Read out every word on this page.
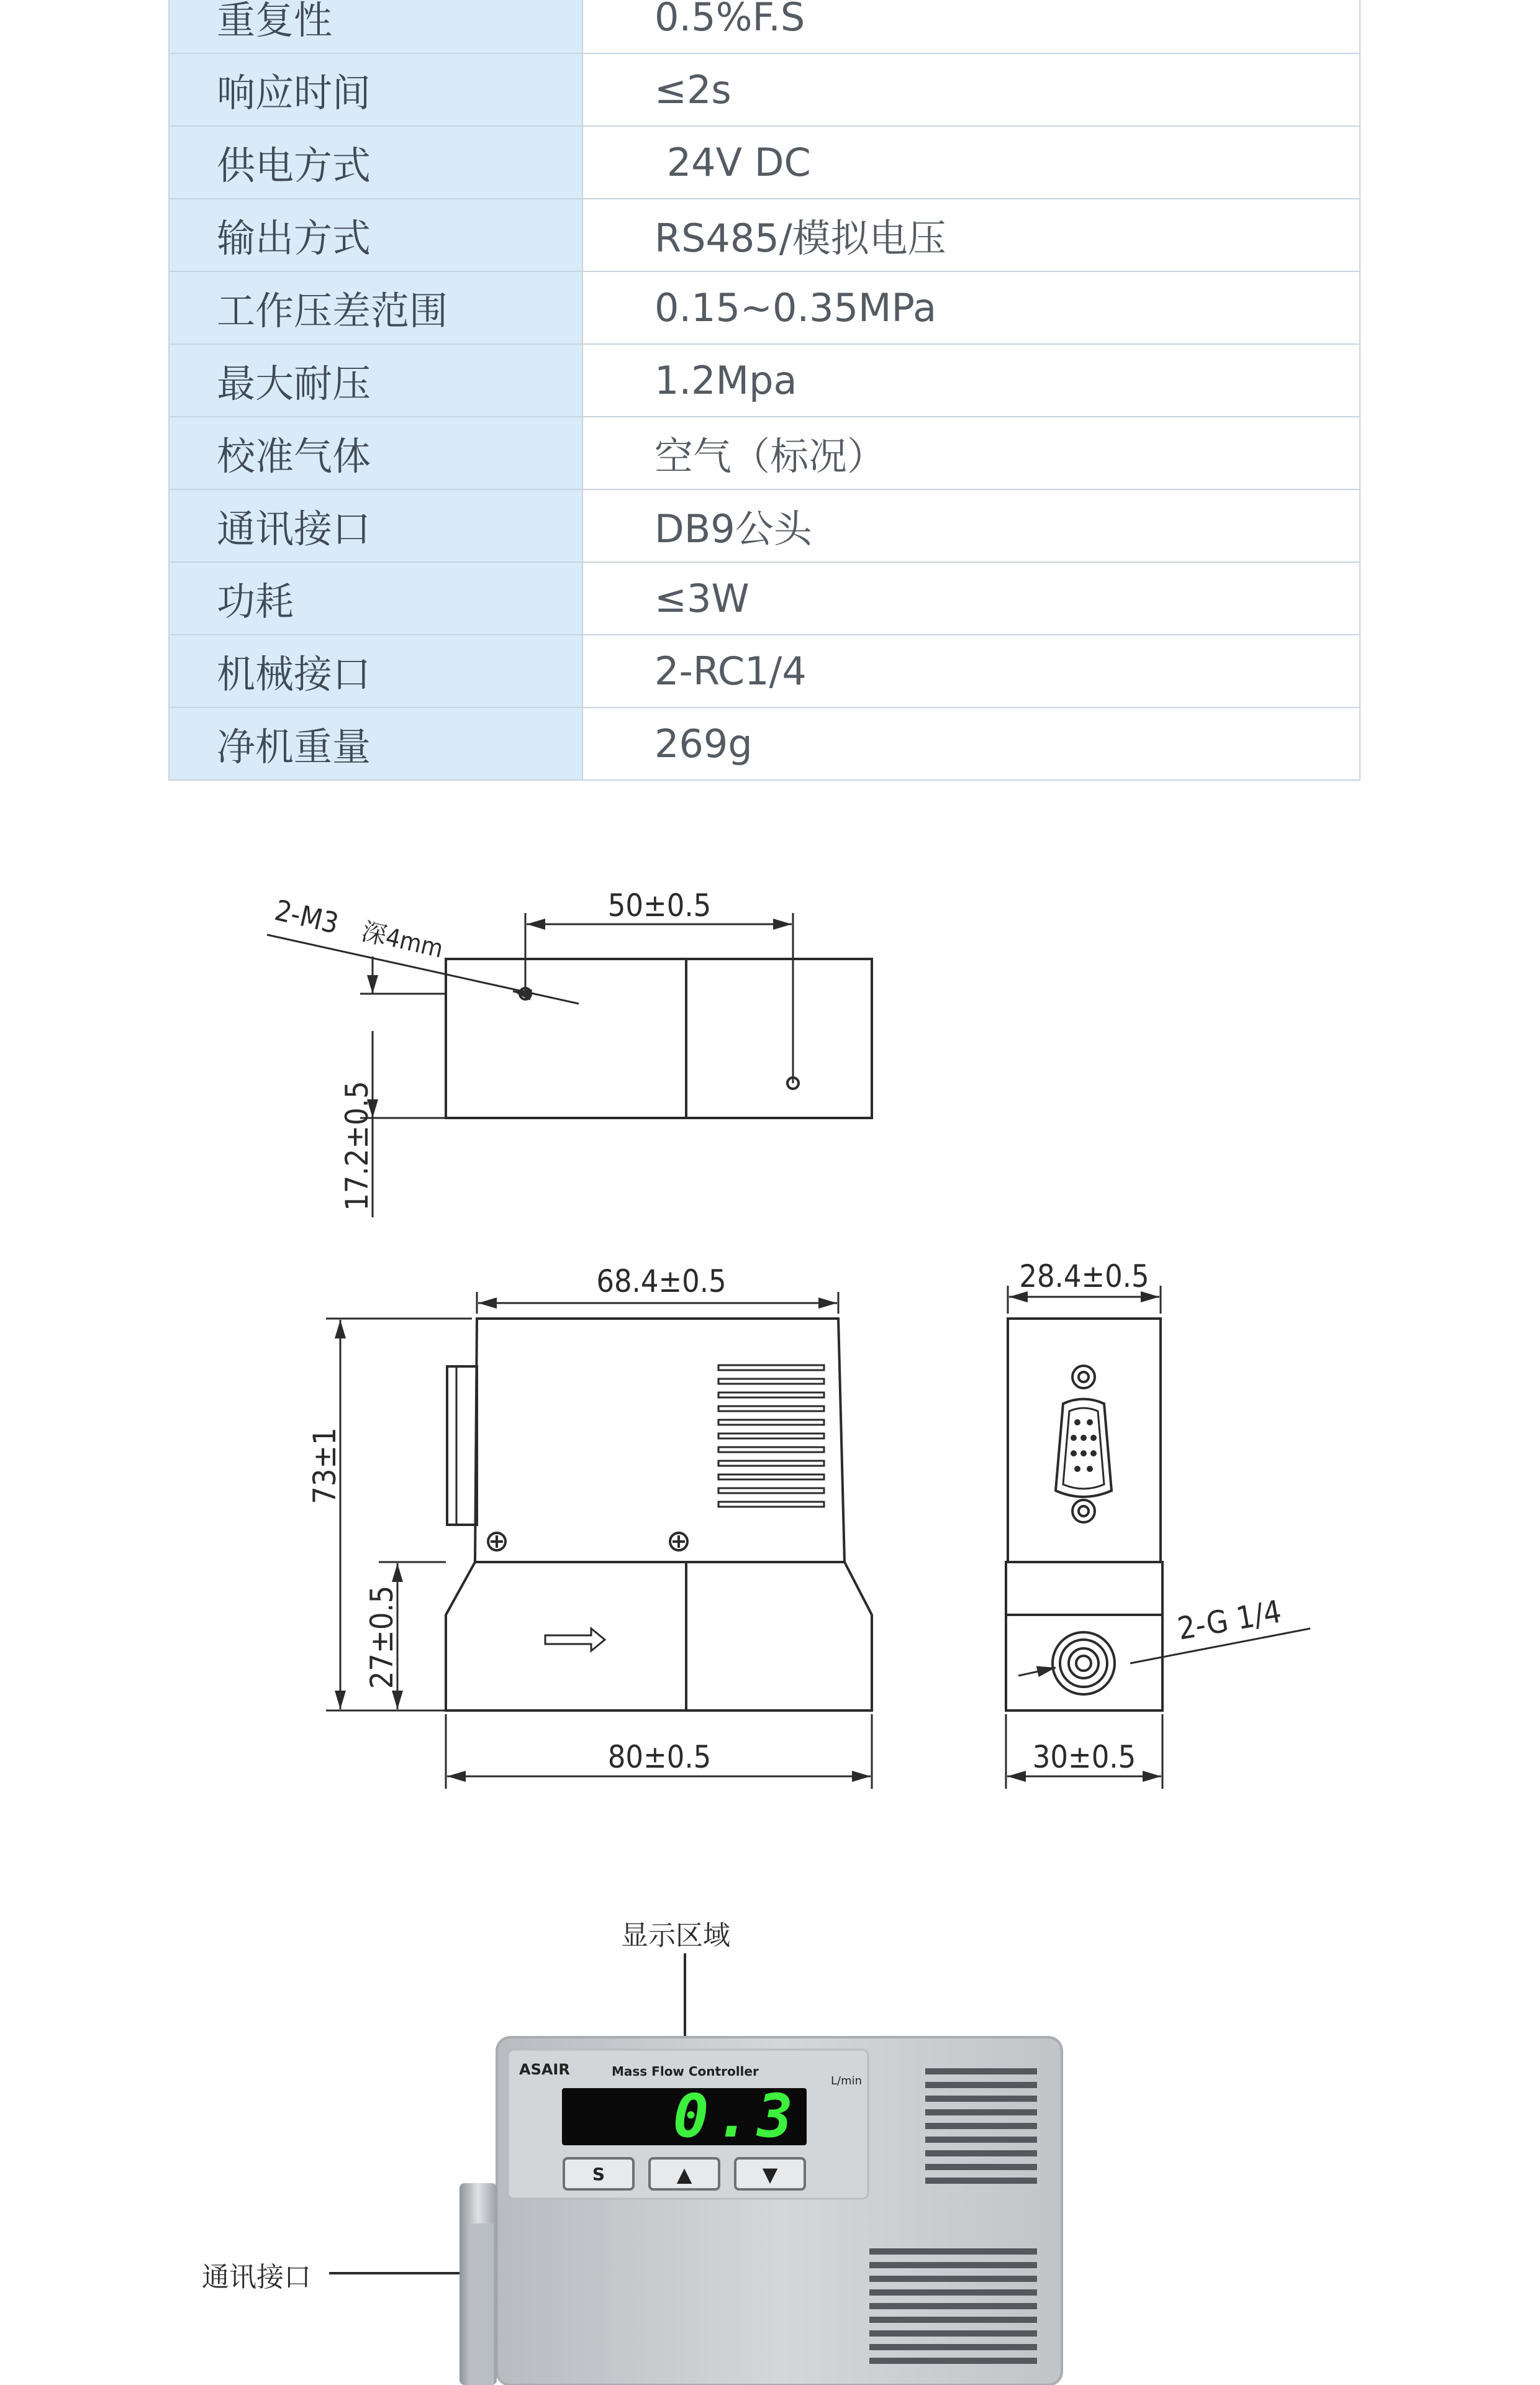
重复性	0.5%F.S
响应时间	≤2s
供电方式	24V DC
输出方式	RS485/模拟电压
工作压差范围	0.15~0.35MPa
最大耐压	1.2Mpa
校准气体	空气（标况）
通讯接口	DB9公头
功耗	≤3W
机械接口	2-RC1/4
净机重量	269g
2-M3
深4mm
50±0.5
17.2±0.5
68.4±0.5
73±1
27±0.5
80±0.5
28.4±0.5
2-G 1/4
30±0.5
0.3
ASAIR	Mass Flow Controller
L/min
S	▲	▼
显示区域
通讯接口
